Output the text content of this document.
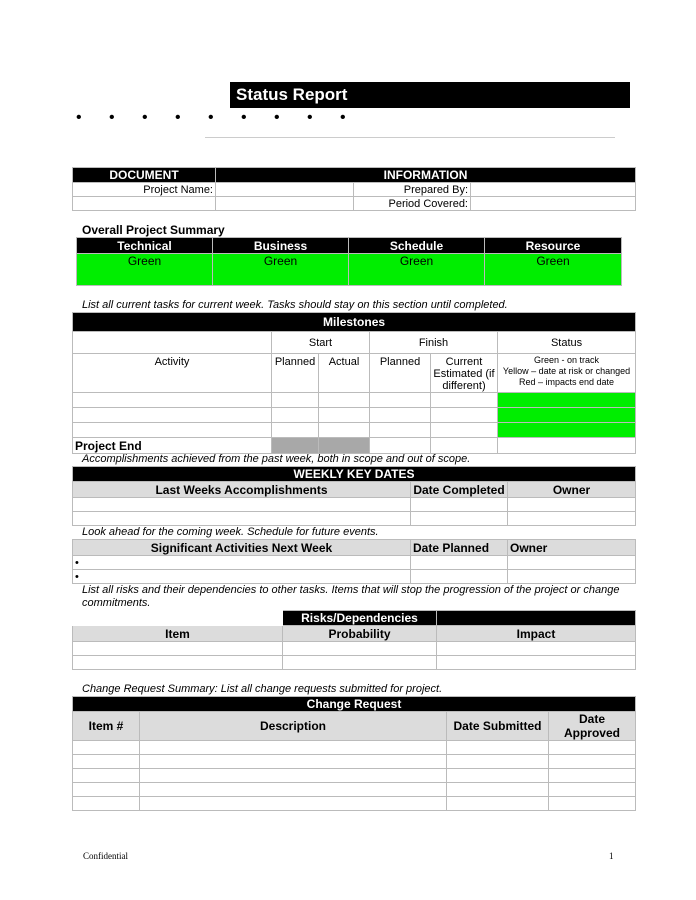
Status Report
• • • • • • • • •
DOCUMENT	INFORMATION		
Project Name:		Prepared By:	
		Period Covered:	
Overall Project Summary
Technical	Business	Schedule	Resource
Green	Green	Green	Green
List all current tasks for current week. Tasks should stay on this section until completed.
Milestones					
	Start		Finish		Status
Activity	Planned	Actual	Planned	Current Estimated (if different)	Green - on track
Yellow – date at risk or changed
Red – impacts end date

Project End					
Accomplishments achieved from the past week, both in scope and out of scope.
WEEKLY KEY DATES		
Last Weeks Accomplishments	Date Completed	Owner

Look ahead for the coming week. Schedule for future events.
Significant Activities Next Week	Date Planned	Owner
•		
•		
List all risks and their dependencies to other tasks. Items that will stop the progression of the project or change commitments.
	Risks/Dependencies	
Item	Probability	Impact

Change Request Summary: List all change requests submitted for project.
Change Request			
Item #	Description	Date Submitted	Date Approved

Confidential	1
